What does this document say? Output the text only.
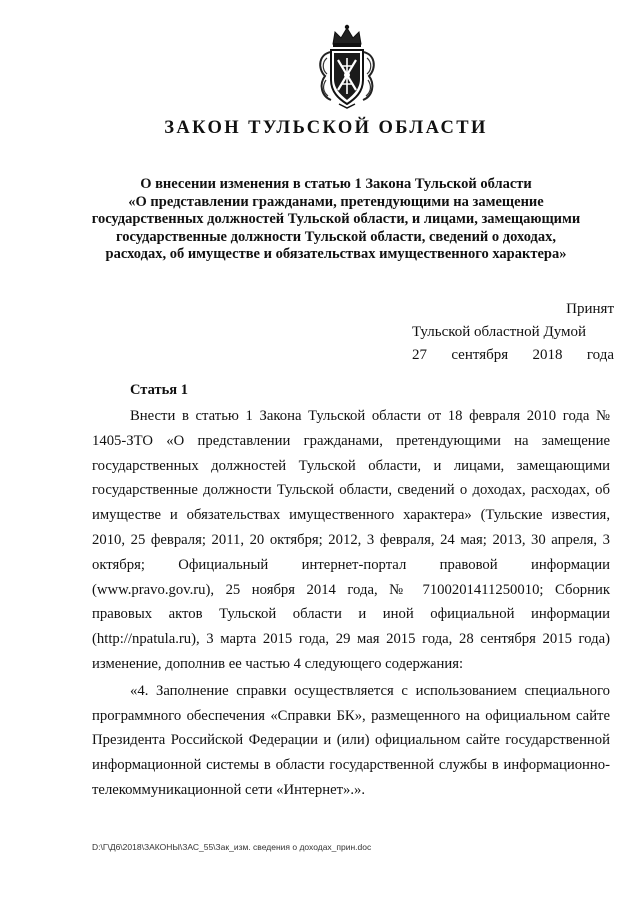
ЗАКОН ТУЛЬСКОЙ ОБЛАСТИ
О внесении изменения в статью 1 Закона Тульской области
«О представлении гражданами, претендующими на замещение
государственных должностей Тульской области, и лицами, замещающими
государственные должности Тульской области, сведений о доходах,
расходах, об имуществе и обязательствах имущественного характера»
Принят
Тульской областной Думой
27 сентября 2018 года
Статья 1

Внести в статью 1 Закона Тульской области от 18 февраля 2010 года № 1405-ЗТО «О представлении гражданами, претендующими на замещение государственных должностей Тульской области, и лицами, замещающими государственные должности Тульской области, сведений о доходах, расходах, об имуществе и обязательствах имущественного характера» (Тульские известия, 2010, 25 февраля; 2011, 20 октября; 2012, 3 февраля, 24 мая; 2013, 30 апреля, 3 октября; Официальный интернет-портал правовой информации (www.pravo.gov.ru), 25 ноября 2014 года, № 7100201411250010; Сборник правовых актов Тульской области и иной официальной информации (http://npatula.ru), 3 марта 2015 года, 29 мая 2015 года, 28 сентября 2015 года) изменение, дополнив ее частью 4 следующего содержания:

«4. Заполнение справки осуществляется с использованием специального программного обеспечения «Справки БК», размещенного на официальном сайте Президента Российской Федерации и (или) официальном сайте государственной информационной системы в области государственной службы в информационно-телекоммуникационной сети «Интернет».».

D:\Г\Д6\2018\ЗАКОНЫ\ЗАС_55\Зак_изм. сведения о доходах_прин.doc
